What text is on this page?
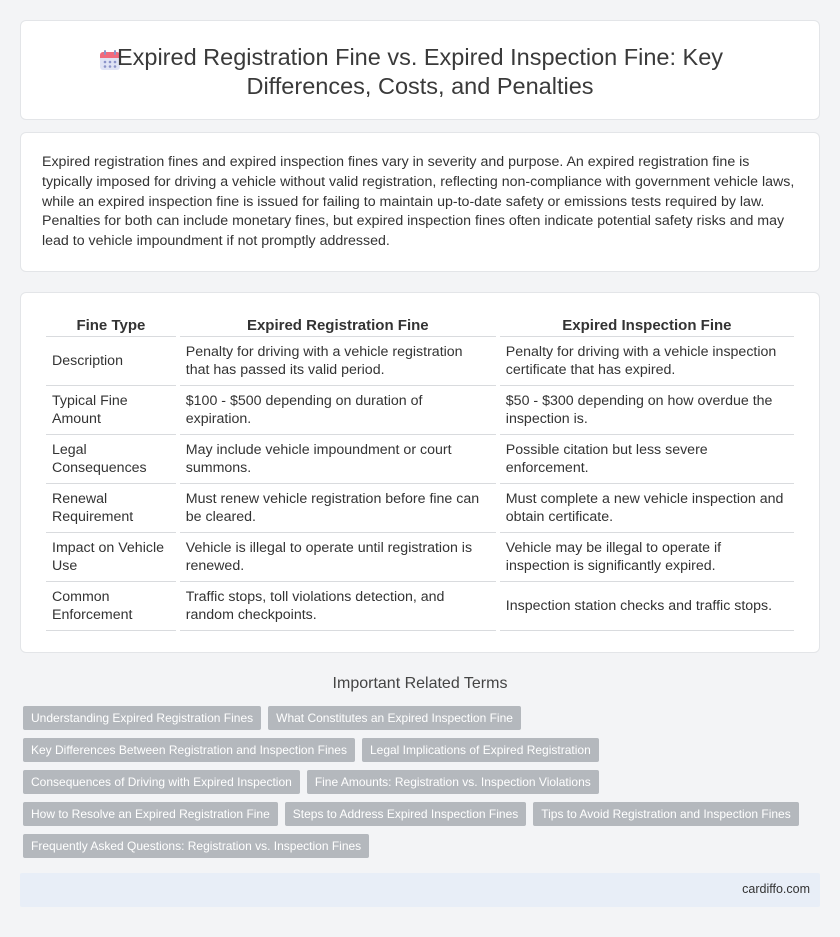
Expired Registration Fine vs. Expired Inspection Fine: Key Differences, Costs, and Penalties

Expired registration fines and expired inspection fines vary in severity and purpose. An expired registration fine is typically imposed for driving a vehicle without valid registration, reflecting non-compliance with government vehicle laws, while an expired inspection fine is issued for failing to maintain up-to-date safety or emissions tests required by law. Penalties for both can include monetary fines, but expired inspection fines often indicate potential safety risks and may lead to vehicle impoundment if not promptly addressed.

Fine Type	Expired Registration Fine	Expired Inspection Fine
Description	Penalty for driving with a vehicle registration that has passed its valid period.	Penalty for driving with a vehicle inspection certificate that has expired.
Typical Fine Amount	$100 - $500 depending on duration of expiration.	$50 - $300 depending on how overdue the inspection is.
Legal Consequences	May include vehicle impoundment or court summons.	Possible citation but less severe enforcement.
Renewal Requirement	Must renew vehicle registration before fine can be cleared.	Must complete a new vehicle inspection and obtain certificate.
Impact on Vehicle Use	Vehicle is illegal to operate until registration is renewed.	Vehicle may be illegal to operate if inspection is significantly expired.
Common Enforcement	Traffic stops, toll violations detection, and random checkpoints.	Inspection station checks and traffic stops.
Important Related Terms
Understanding Expired Registration Fines	What Constitutes an Expired Inspection Fine
Key Differences Between Registration and Inspection Fines	Legal Implications of Expired Registration
Consequences of Driving with Expired Inspection	Fine Amounts: Registration vs. Inspection Violations
How to Resolve an Expired Registration Fine	Steps to Address Expired Inspection Fines	Tips to Avoid Registration and Inspection Fines
Frequently Asked Questions: Registration vs. Inspection Fines
cardiffo.com
